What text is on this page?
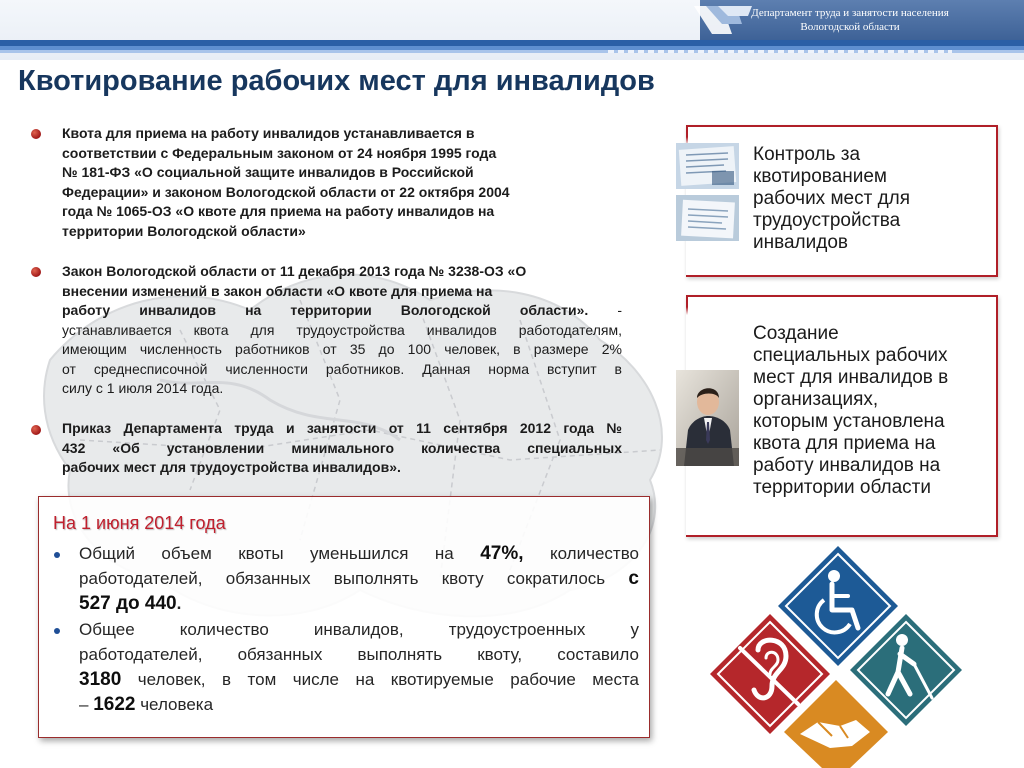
Департамент труда и занятости населения
Вологодской области
Квотирование рабочих мест для инвалидов
Квота для приема на работу инвалидов устанавливается в
соответствии с Федеральным законом от 24 ноября 1995 года
№ 181-ФЗ «О социальной защите инвалидов в Российской
Федерации» и законом Вологодской области от 22 октября 2004
года № 1065-ОЗ «О квоте для приема на работу инвалидов на
территории Вологодской области»
Закон Вологодской области от 11 декабря 2013 года № 3238-ОЗ «О
внесении изменений в закон области «О квоте для приема на
работу инвалидов на территории Вологодской области». -
устанавливается квота для трудоустройства инвалидов работодателям,
имеющим численность работников от 35 до 100 человек, в размере 2%
от среднесписочной численности работников. Данная норма вступит в
силу с 1 июля 2014 года.
Приказ Департамента труда и занятости от 11 сентября 2012 года №
432 «Об установлении минимального количества специальных
рабочих мест для трудоустройства инвалидов».
На 1 июня 2014 года
Общий объем квоты уменьшился на 47%, количество
работодателей, обязанных выполнять квоту сократилось с
527 до 440.
Общее количество инвалидов, трудоустроенных у
работодателей, обязанных выполнять квоту, составило
3180 человек, в том числе на квотируемые рабочие места
– 1622 человека
Контроль за
квотированием
рабочих мест для
трудоустройства
инвалидов
Создание
специальных рабочих
мест для инвалидов в
организациях,
которым установлена
квота для приема на
работу инвалидов на
территории области
